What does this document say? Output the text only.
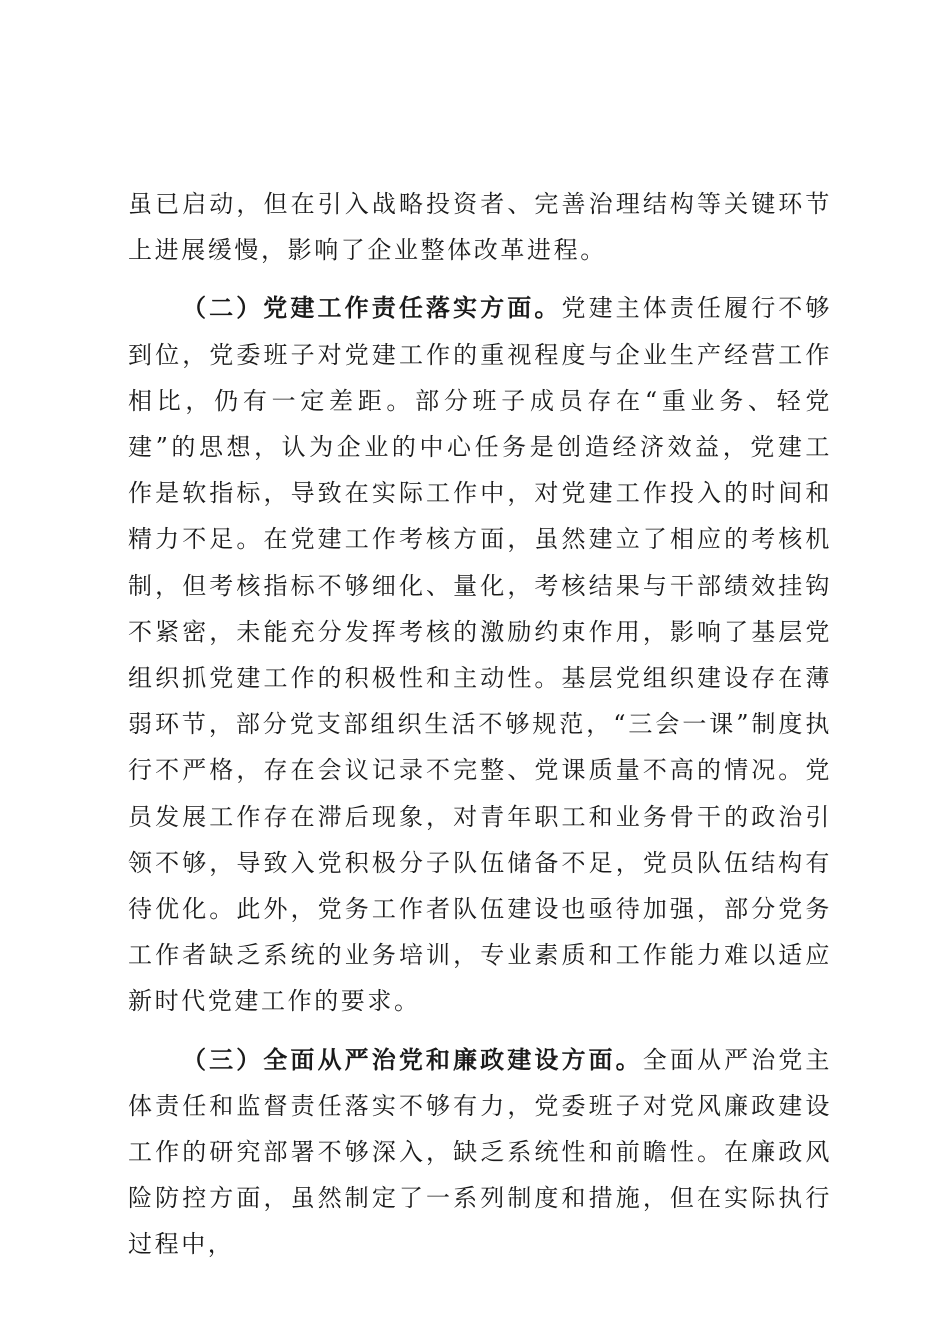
虽已启动，但在引入战略投资者、完善治理结构等关键环节上进展缓慢，影响了企业整体改革进程。

（二）党建工作责任落实方面。党建主体责任履行不够到位，党委班子对党建工作的重视程度与企业生产经营工作相比，仍有一定差距。部分班子成员存在“重业务、轻党建”的思想，认为企业的中心任务是创造经济效益，党建工作是软指标，导致在实际工作中，对党建工作投入的时间和精力不足。在党建工作考核方面，虽然建立了相应的考核机制，但考核指标不够细化、量化，考核结果与干部绩效挂钩不紧密，未能充分发挥考核的激励约束作用，影响了基层党组织抓党建工作的积极性和主动性。基层党组织建设存在薄弱环节，部分党支部组织生活不够规范，“三会一课”制度执行不严格，存在会议记录不完整、党课质量不高的情况。党员发展工作存在滞后现象，对青年职工和业务骨干的政治引领不够，导致入党积极分子队伍储备不足，党员队伍结构有待优化。此外，党务工作者队伍建设也亟待加强，部分党务工作者缺乏系统的业务培训，专业素质和工作能力难以适应新时代党建工作的要求。

（三）全面从严治党和廉政建设方面。全面从严治党主体责任和监督责任落实不够有力，党委班子对党风廉政建设工作的研究部署不够深入，缺乏系统性和前瞻性。在廉政风险防控方面，虽然制定了一系列制度和措施，但在实际执行过程中，
